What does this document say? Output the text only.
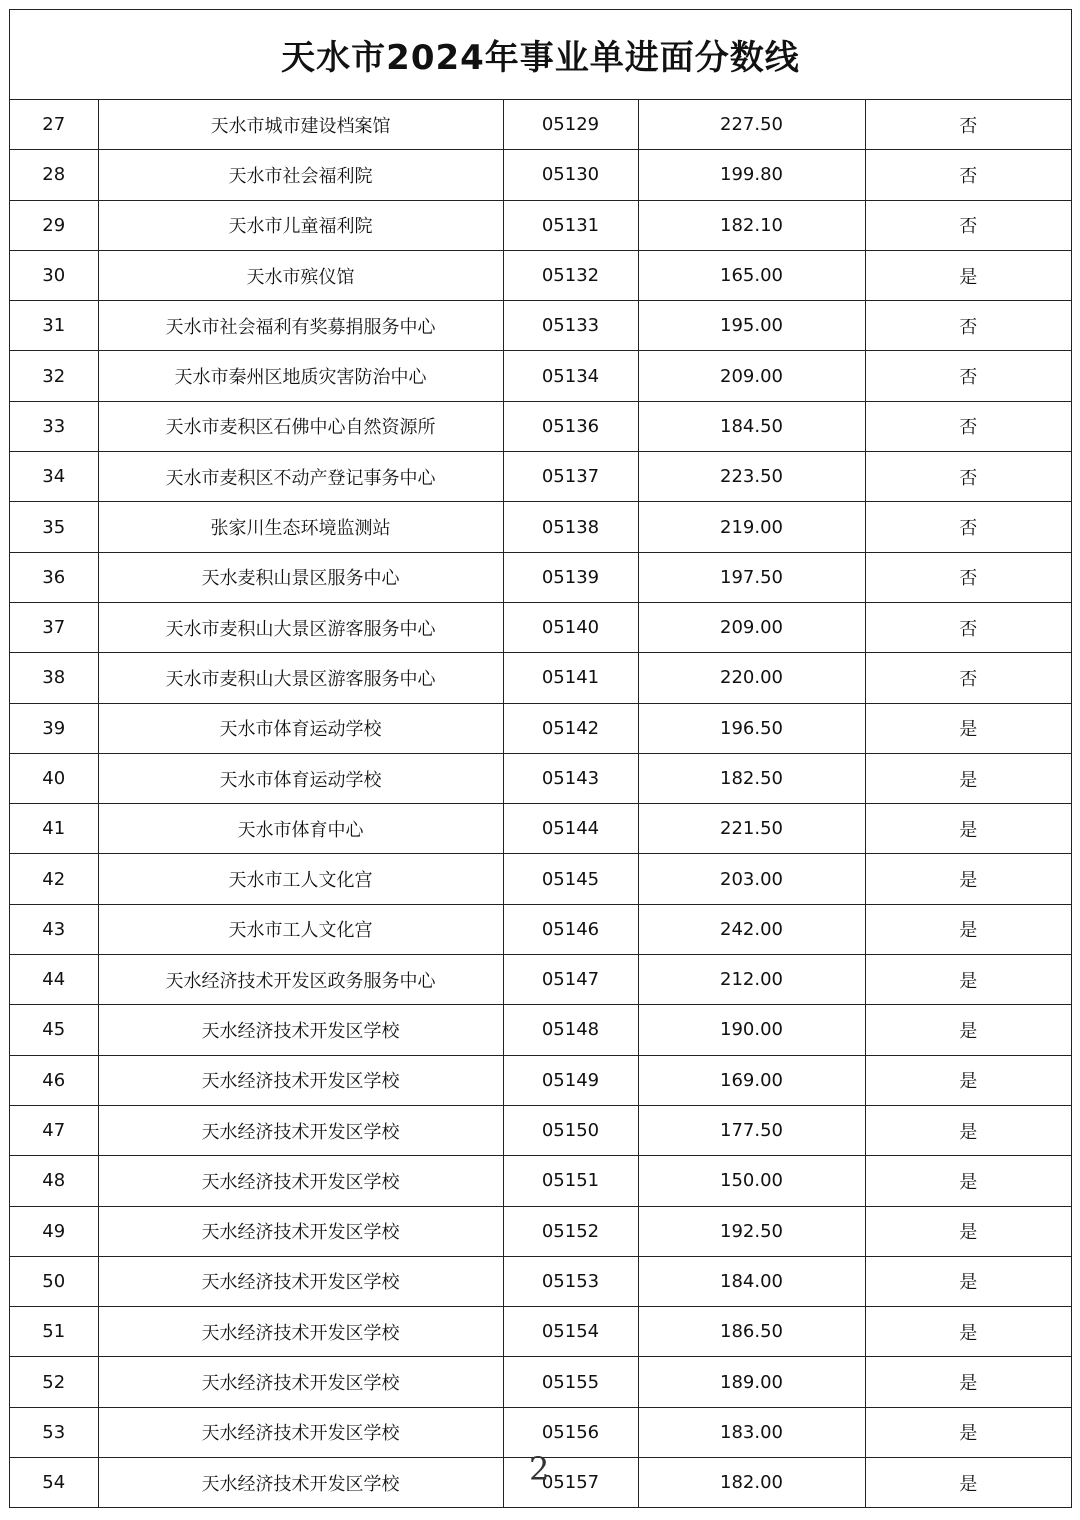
天水市2024年事业单进面分数线
27	天水市城市建设档案馆	05129	227.50	否
28	天水市社会福利院	05130	199.80	否
29	天水市儿童福利院	05131	182.10	否
30	天水市殡仪馆	05132	165.00	是
31	天水市社会福利有奖募捐服务中心	05133	195.00	否
32	天水市秦州区地质灾害防治中心	05134	209.00	否
33	天水市麦积区石佛中心自然资源所	05136	184.50	否
34	天水市麦积区不动产登记事务中心	05137	223.50	否
35	张家川生态环境监测站	05138	219.00	否
36	天水麦积山景区服务中心	05139	197.50	否
37	天水市麦积山大景区游客服务中心	05140	209.00	否
38	天水市麦积山大景区游客服务中心	05141	220.00	否
39	天水市体育运动学校	05142	196.50	是
40	天水市体育运动学校	05143	182.50	是
41	天水市体育中心	05144	221.50	是
42	天水市工人文化宫	05145	203.00	是
43	天水市工人文化宫	05146	242.00	是
44	天水经济技术开发区政务服务中心	05147	212.00	是
45	天水经济技术开发区学校	05148	190.00	是
46	天水经济技术开发区学校	05149	169.00	是
47	天水经济技术开发区学校	05150	177.50	是
48	天水经济技术开发区学校	05151	150.00	是
49	天水经济技术开发区学校	05152	192.50	是
50	天水经济技术开发区学校	05153	184.00	是
51	天水经济技术开发区学校	05154	186.50	是
52	天水经济技术开发区学校	05155	189.00	是
53	天水经济技术开发区学校	05156	183.00	是
54	天水经济技术开发区学校	05157	182.00	是
2
